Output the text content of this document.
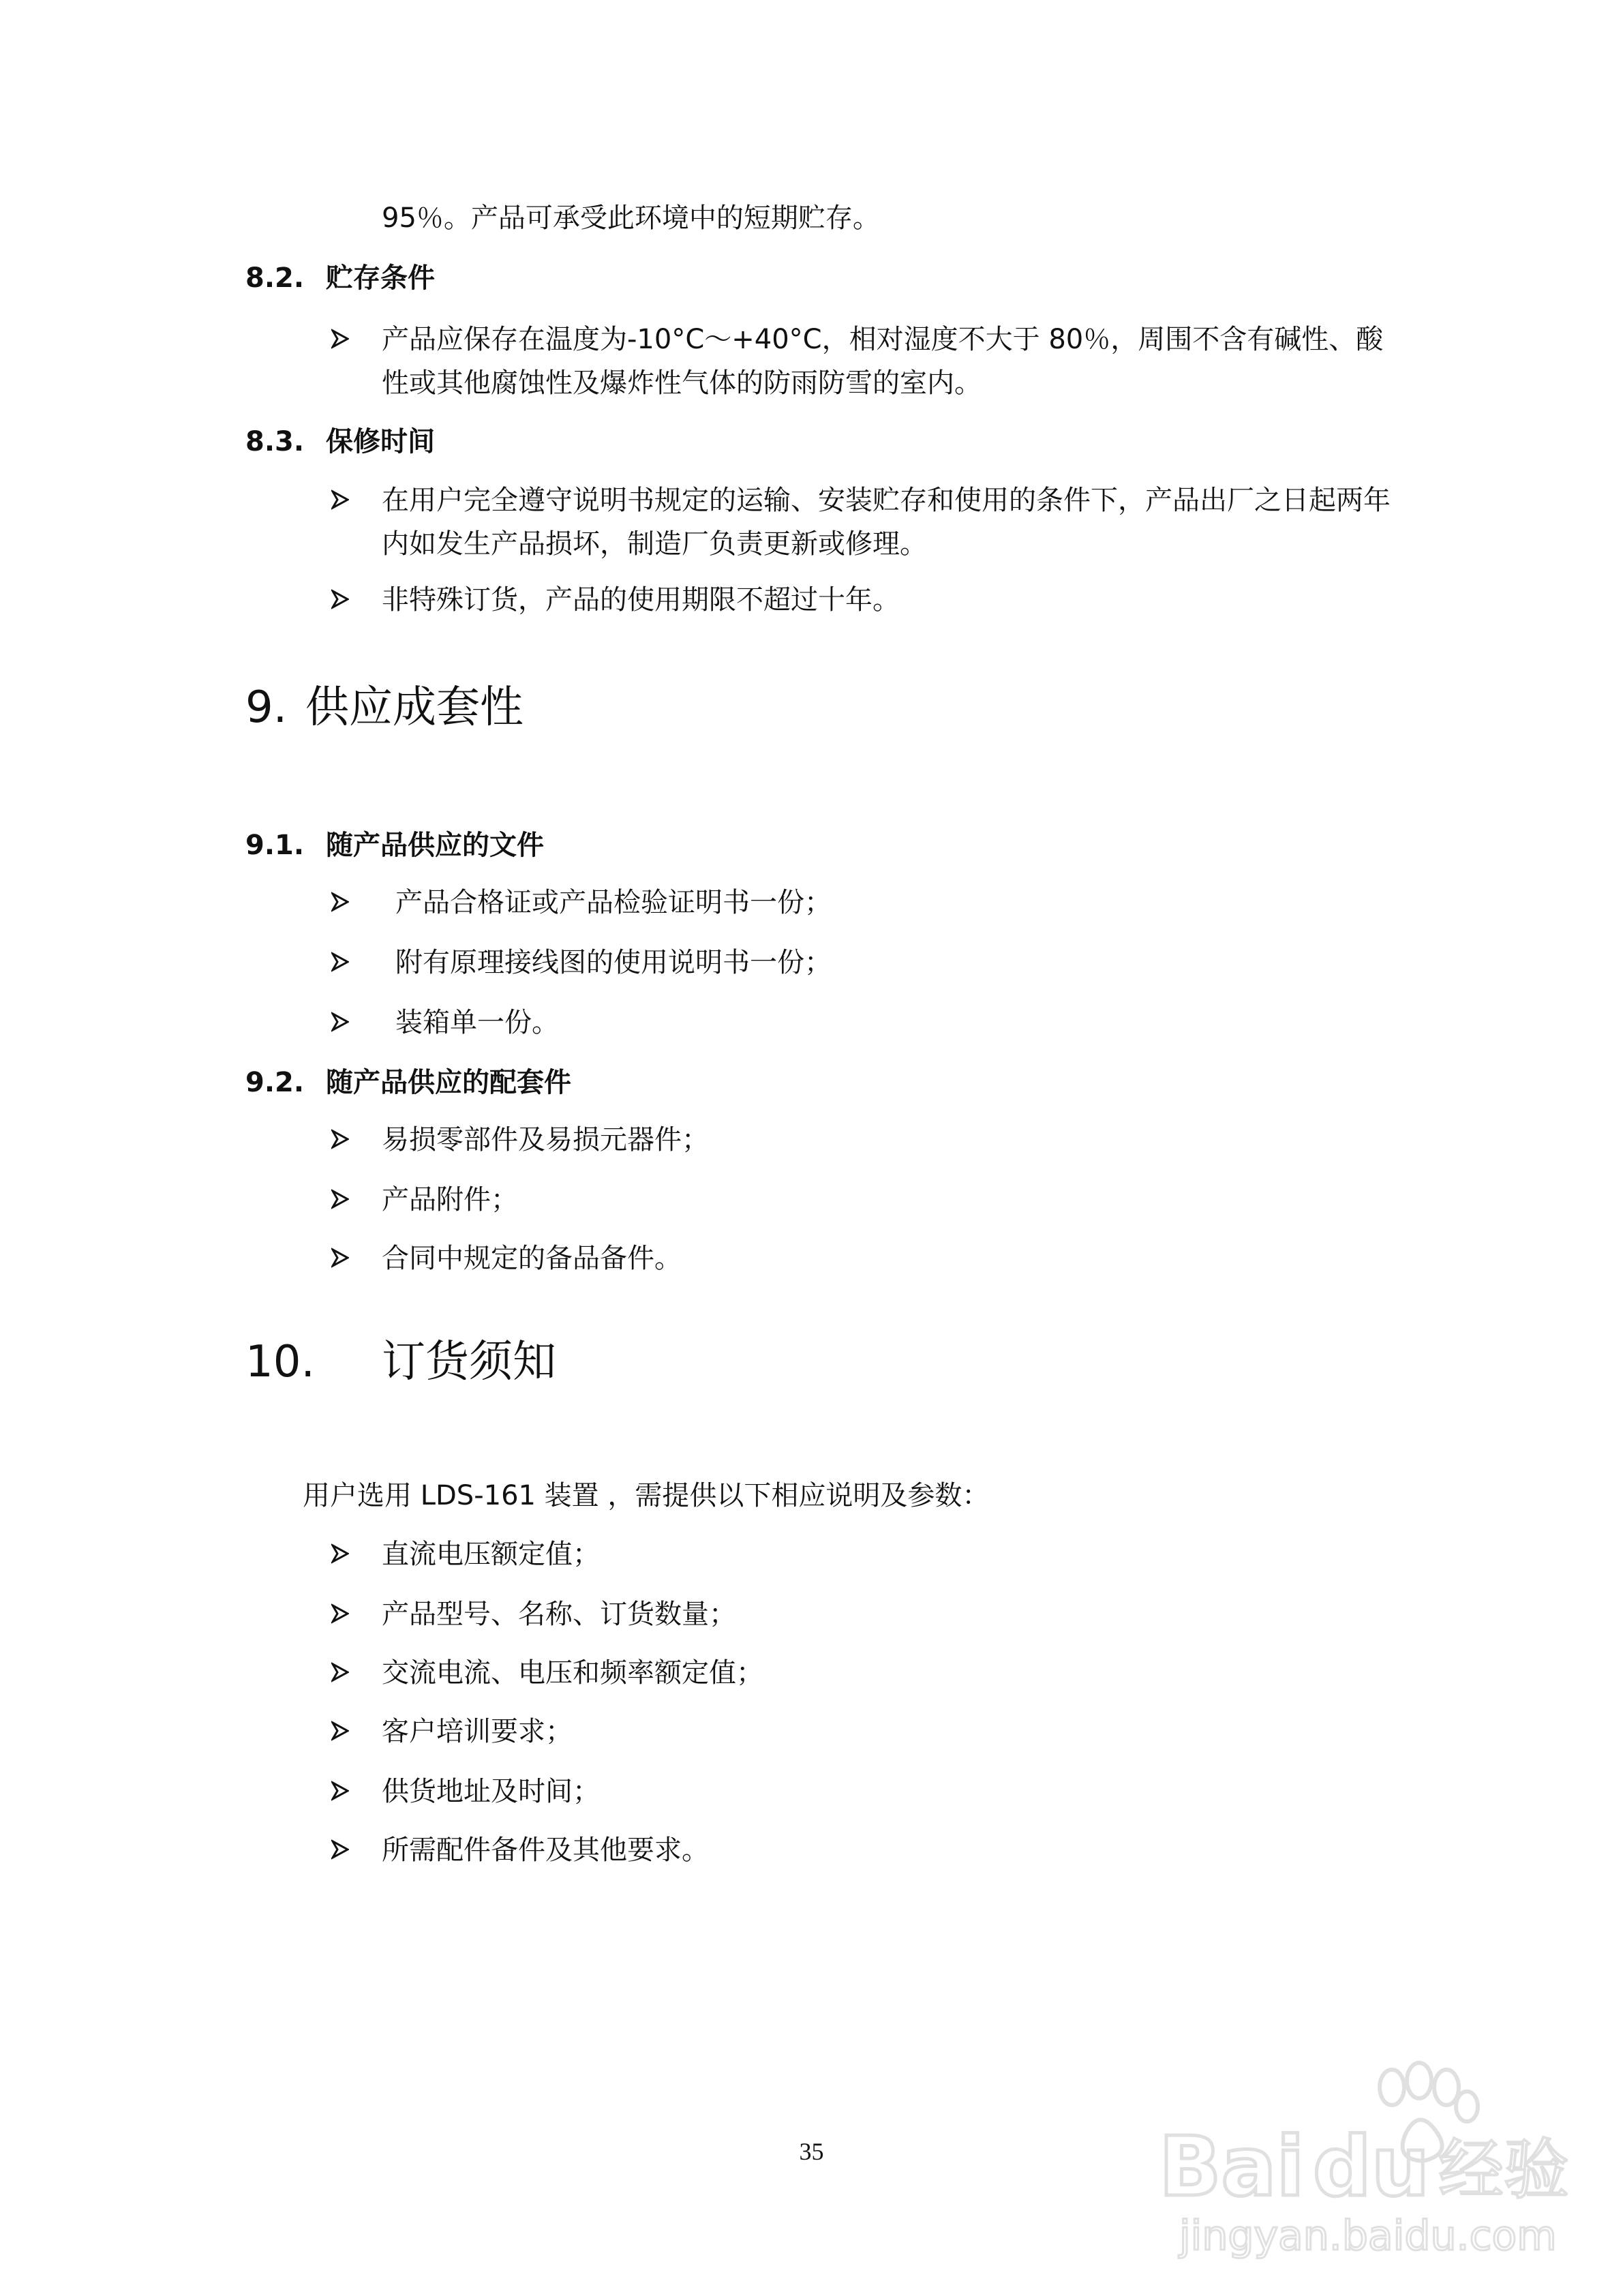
95％。产品可承受此环境中的短期贮存。
8.2. 贮存条件
产品应保存在温度为-10°C～+40°C，相对湿度不大于 80％，周围不含有碱性、酸
性或其他腐蚀性及爆炸性气体的防雨防雪的室内。
8.3. 保修时间
在用户完全遵守说明书规定的运输、安装贮存和使用的条件下，产品出厂之日起两年
内如发生产品损坏，制造厂负责更新或修理。
非特殊订货，产品的使用期限不超过十年。
9. 供应成套性
9.1. 随产品供应的文件
产品合格证或产品检验证明书一份；
附有原理接线图的使用说明书一份；
装箱单一份。
9.2. 随产品供应的配套件
易损零部件及易损元器件；
产品附件；
合同中规定的备品备件。
10. 订货须知
用户选用 LDS-161 装置 ，需提供以下相应说明及参数：
直流电压额定值；
产品型号、名称、订货数量；
交流电流、电压和频率额定值；
客户培训要求；
供货地址及时间；
所需配件备件及其他要求。
35	Bai du 经验
jingyan.baidu.com
